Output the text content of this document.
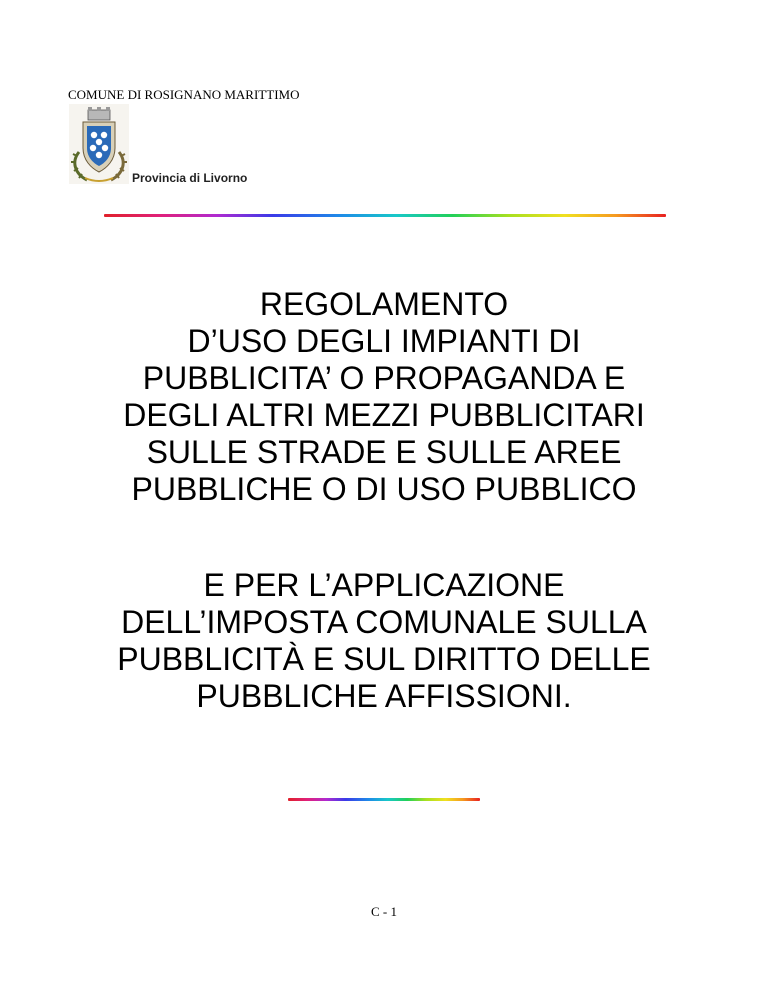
COMUNE DI ROSIGNANO MARITTIMO
Provincia di Livorno
REGOLAMENTO
D’USO DEGLI IMPIANTI DI
PUBBLICITA’ O PROPAGANDA E
DEGLI ALTRI MEZZI PUBBLICITARI
SULLE STRADE E SULLE AREE
PUBBLICHE O DI USO PUBBLICO
E PER L’APPLICAZIONE
DELL’IMPOSTA COMUNALE SULLA
PUBBLICITÀ E SUL DIRITTO DELLE
PUBBLICHE AFFISSIONI.
C - 1
